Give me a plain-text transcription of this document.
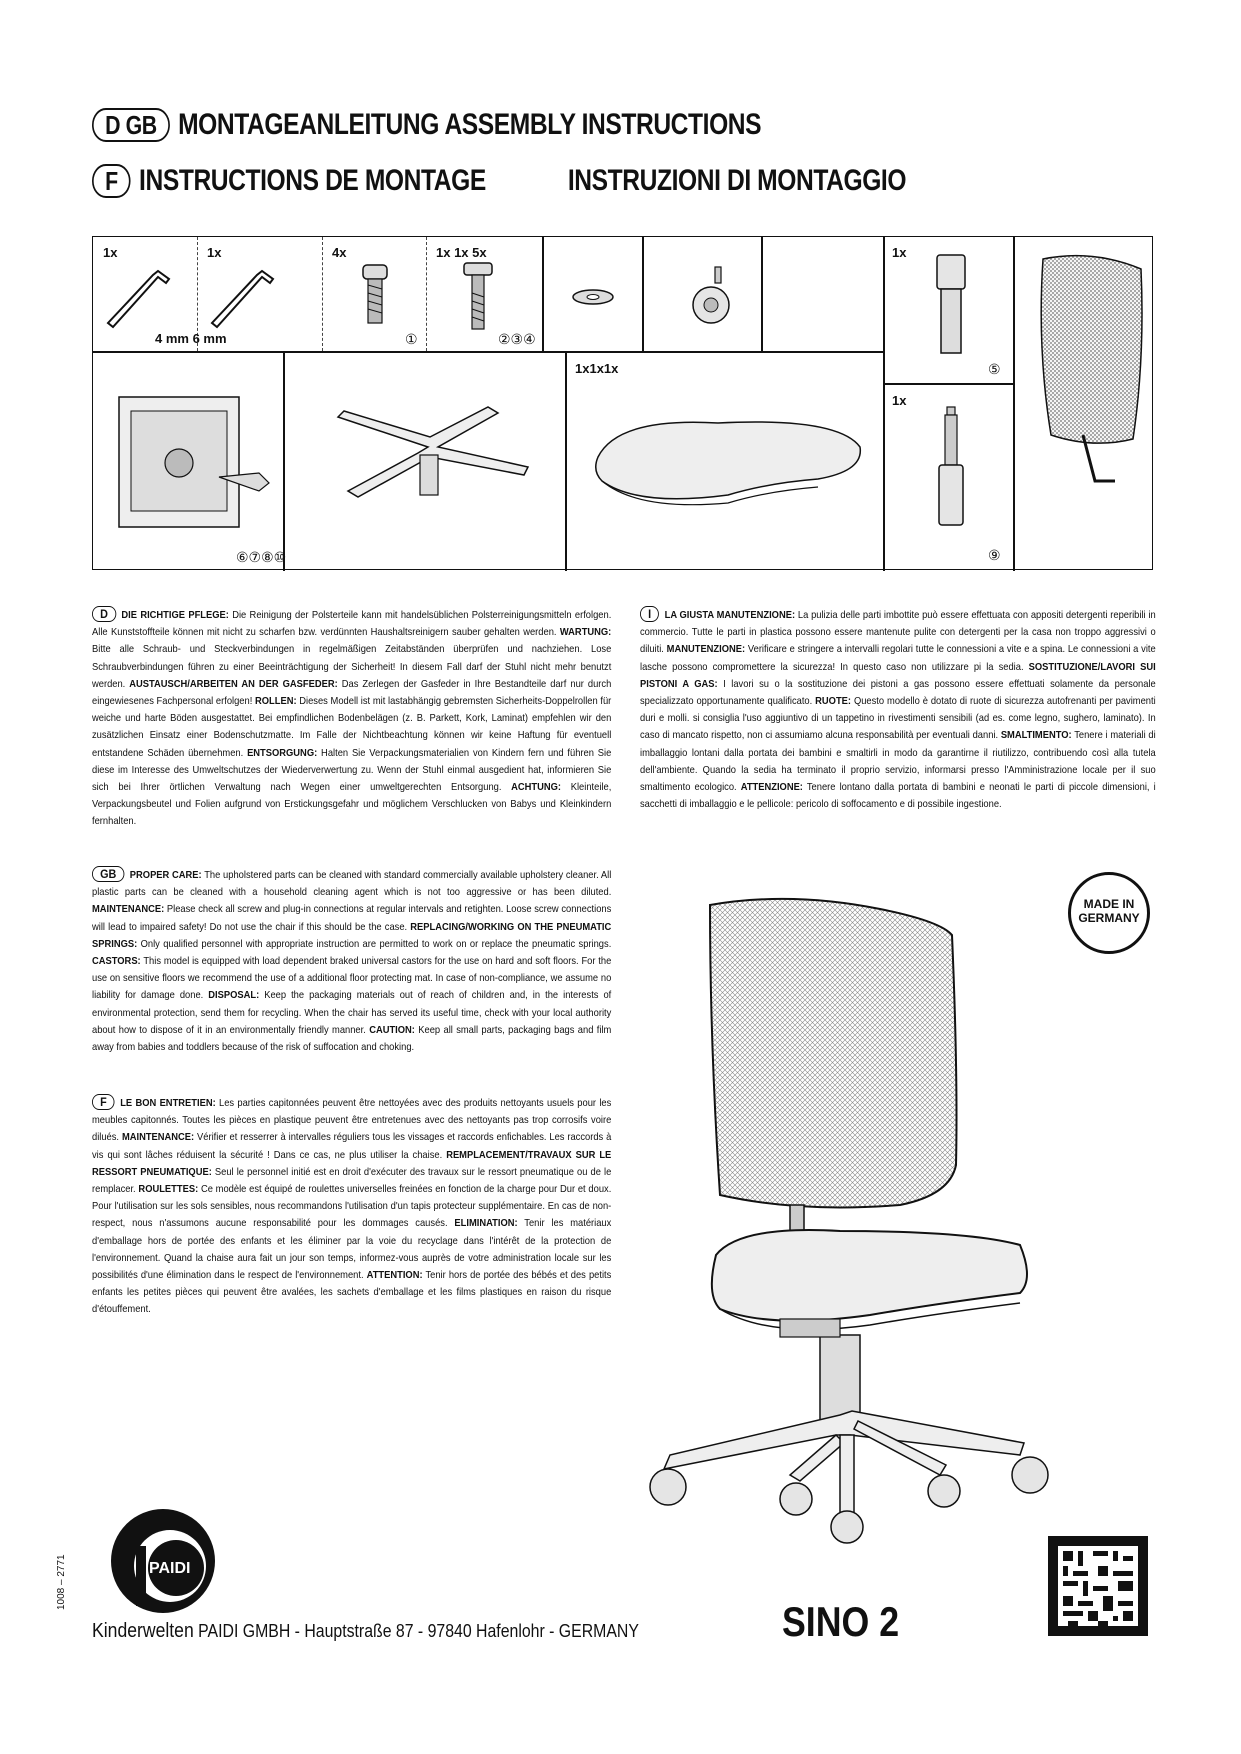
D GB MONTAGEANLEITUNG ASSEMBLY INSTRUCTIONS
F INSTRUCTIONS DE MONTAGE	INSTRUZIONI DI MONTAGGIO
1x	1x
4 mm 6 mm
4x
①
1x 1x 5x
②③④
1x1x1x
⑥⑦⑧⑩
1x
⑤
1x
⑨
D DIE RICHTIGE PFLEGE: Die Reinigung der Polsterteile kann mit handelsüblichen Polsterreinigungsmitteln erfolgen. Alle Kunststoffteile können mit nicht zu scharfen bzw. verdünnten Haushaltsreinigern sauber gehalten werden. WARTUNG: Bitte alle Schraub- und Steckverbindungen in regelmäßigen Zeitabständen überprüfen und nachziehen. Lose Schraubverbindungen führen zu einer Beeinträchtigung der Sicherheit! In diesem Fall darf der Stuhl nicht mehr benutzt werden. AUSTAUSCH/ARBEITEN AN DER GASFEDER: Das Zerlegen der Gasfeder in Ihre Bestandteile darf nur durch eingewiesenes Fachpersonal erfolgen! ROLLEN: Dieses Modell ist mit lastabhängig gebremsten Sicherheits-Doppelrollen für weiche und harte Böden ausgestattet. Bei empfindlichen Bodenbelägen (z. B. Parkett, Kork, Laminat) empfehlen wir den zusätzlichen Einsatz einer Bodenschutzmatte. Im Falle der Nichtbeachtung können wir keine Haftung für eventuell entstandene Schäden übernehmen. ENTSORGUNG: Halten Sie Verpackungsmaterialien von Kindern fern und führen Sie diese im Interesse des Umweltschutzes der Wiederverwertung zu. Wenn der Stuhl einmal ausgedient hat, informieren Sie sich bei Ihrer örtlichen Verwaltung nach Wegen einer umweltgerechten Entsorgung. ACHTUNG: Kleinteile, Verpackungsbeutel und Folien aufgrund von Erstickungsgefahr und möglichem Verschlucken von Babys und Kleinkindern fernhalten.
GB PROPER CARE: The upholstered parts can be cleaned with standard commercially available upholstery cleaner. All plastic parts can be cleaned with a household cleaning agent which is not too aggressive or has been diluted. MAINTENANCE: Please check all screw and plug-in connections at regular intervals and retighten. Loose screw connections will lead to impaired safety! Do not use the chair if this should be the case. REPLACING/WORKING ON THE PNEUMATIC SPRINGS: Only qualified personnel with appropriate instruction are permitted to work on or replace the pneumatic springs. CASTORS: This model is equipped with load dependent braked universal castors for the use on hard and soft floors. For the use on sensitive floors we recommend the use of a additional floor protecting mat. In case of non-compliance, we assume no liability for damage done. DISPOSAL: Keep the packaging materials out of reach of children and, in the interests of environmental protection, send them for recycling. When the chair has served its useful time, check with your local authority about how to dispose of it in an environmentally friendly manner. CAUTION: Keep all small parts, packaging bags and film away from babies and toddlers because of the risk of suffocation and choking.
F LE BON ENTRETIEN: Les parties capitonnées peuvent être nettoyées avec des produits nettoyants usuels pour les meubles capitonnés. Toutes les pièces en plastique peuvent être entretenues avec des nettoyants pas trop corrosifs voire dilués. MAINTENANCE: Vérifier et resserrer à intervalles réguliers tous les vissages et raccords enfichables. Les raccords à vis qui sont lâches réduisent la sécurité ! Dans ce cas, ne plus utiliser la chaise. REMPLACEMENT/TRAVAUX SUR LE RESSORT PNEUMATIQUE: Seul le personnel initié est en droit d'exécuter des travaux sur le ressort pneumatique ou de le remplacer. ROULETTES: Ce modèle est équipé de roulettes universelles freinées en fonction de la charge pour Dur et doux. Pour l'utilisation sur les sols sensibles, nous recommandons l'utilisation d'un tapis protecteur supplémentaire. En cas de non-respect, nous n'assumons aucune responsabilité pour les dommages causés. ELIMINATION: Tenir les matériaux d'emballage hors de portée des enfants et les éliminer par la voie du recyclage dans l'intérêt de la protection de l'environnement. Quand la chaise aura fait un jour son temps, informez-vous auprès de votre administration locale sur les possibilités d'une élimination dans le respect de l'environnement. ATTENTION: Tenir hors de portée des bébés et des petits enfants les petites pièces qui peuvent être avalées, les sachets d'emballage et les films plastiques en raison du risque d'étouffement.
I LA GIUSTA MANUTENZIONE: La pulizia delle parti imbottite può essere effettuata con appositi detergenti reperibili in commercio. Tutte le parti in plastica possono essere mantenute pulite con detergenti per la casa non troppo aggressivi o diluiti. MANUTENZIONE: Verificare e stringere a intervalli regolari tutte le connessioni a vite e a spina. Le connessioni a vite lasche possono compromettere la sicurezza! In questo caso non utilizzare pi la sedia. SOSTITUZIONE/LAVORI SUI PISTONI A GAS: I lavori su o la sostituzione dei pistoni a gas possono essere effettuati solamente da personale specializzato opportunamente qualificato. RUOTE: Questo modello è dotato di ruote di sicurezza autofrenanti per pavimenti duri e molli. si consiglia l'uso aggiuntivo di un tappetino in rivestimenti sensibili (ad es. come legno, sughero, laminato). In caso di mancato rispetto, non ci assumiamo alcuna responsabilità per eventuali danni. SMALTIMENTO: Tenere i materiali di imballaggio lontani dalla portata dei bambini e smaltirli in modo da garantirne il riutilizzo, contribuendo così alla tutela dell'ambiente. Quando la sedia ha terminato il proprio servizio, informarsi presso l'Amministrazione locale per il suo smaltimento ecologico. ATTENZIONE: Tenere lontano dalla portata di bambini e neonati le parti di piccole dimensioni, i sacchetti di imballaggio e le pellicole: pericolo di soffocamento e di possibile ingestione.
MADE IN
GERMANY
PAIDI
1008 – 2771
Kinderwelten PAIDI GMBH - Hauptstraße 87 - 97840 Hafenlohr - GERMANY	SINO 2
